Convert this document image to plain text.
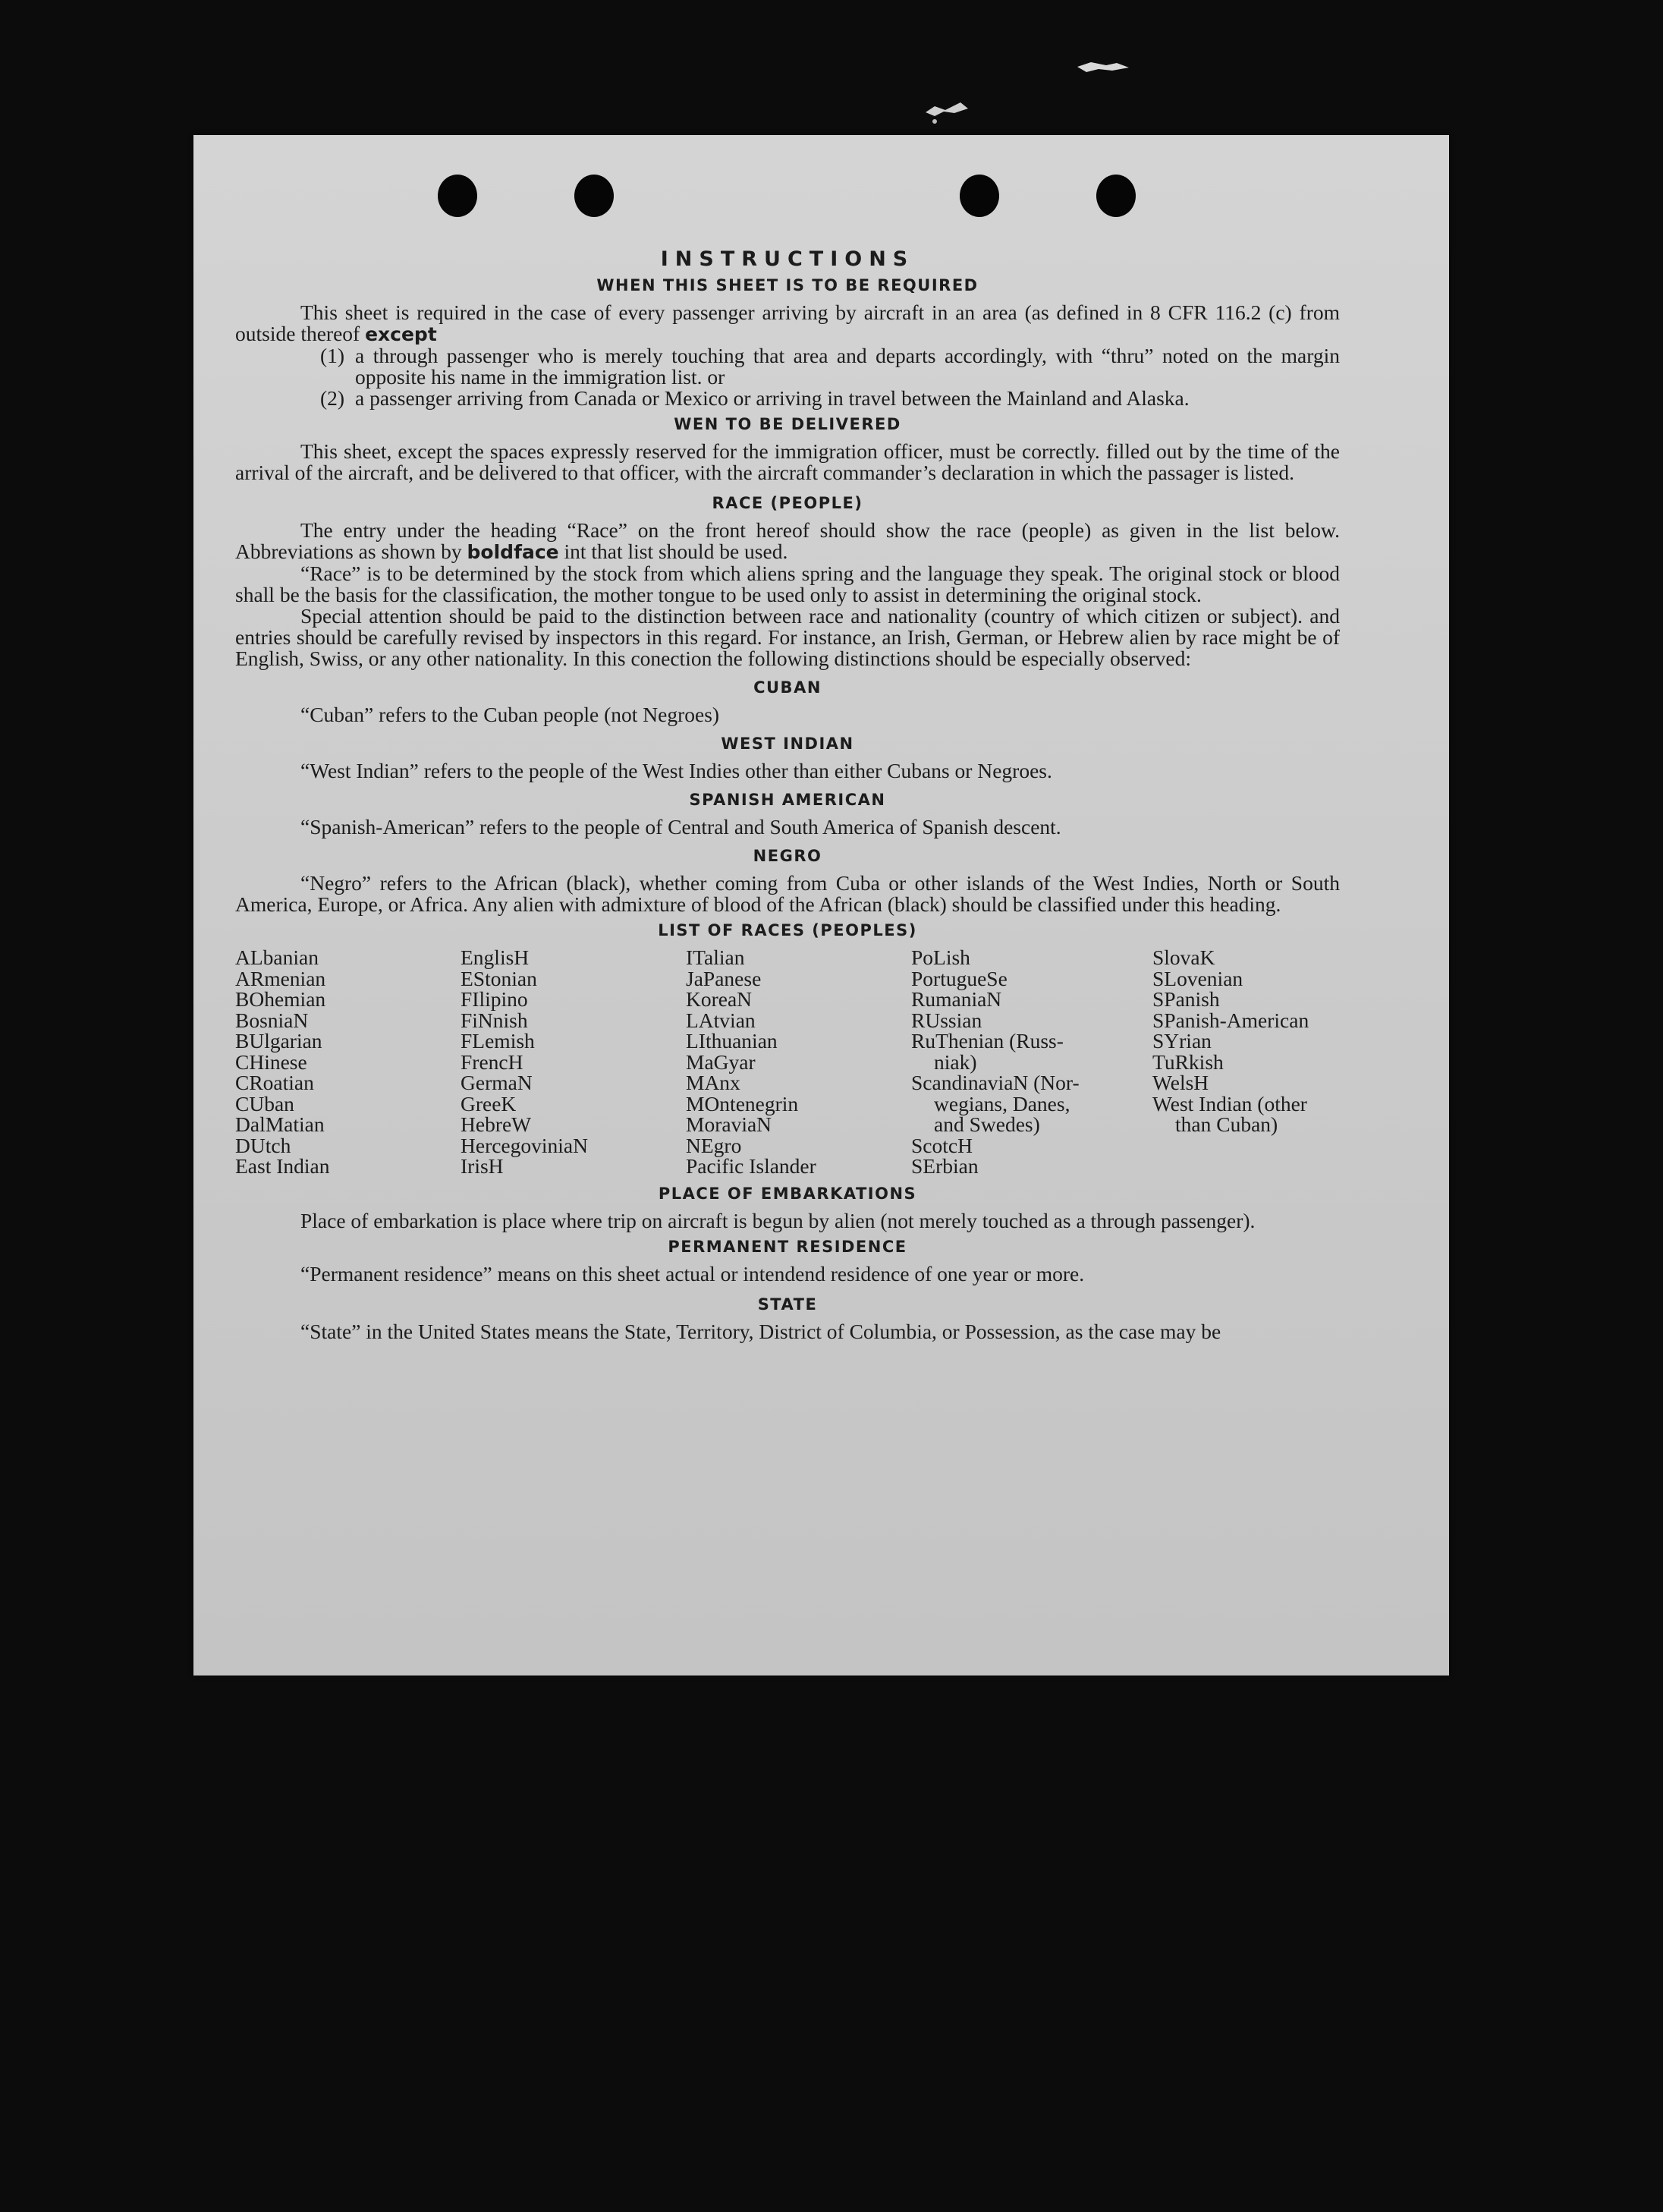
INSTRUCTIONS
WHEN THIS SHEET IS TO BE REQUIRED

This sheet is required in the case of every passenger arriving by aircraft in an area (as defined in 8 CFR 116.2 (c) from outside thereof except

(1) a through passenger who is merely touching that area and departs accordingly, with “thru” noted on the margin opposite his name in the immigration list. or
(2) a passenger arriving from Canada or Mexico or arriving in travel between the Mainland and Alaska.
WEN TO BE DELIVERED

This sheet, except the spaces expressly reserved for the immigration officer, must be correctly. filled out by the time of the arrival of the aircraft, and be delivered to that officer, with the aircraft commander’s declaration in which the passager is listed.

RACE (PEOPLE)

The entry under the heading “Race” on the front hereof should show the race (people) as given in the list below. Abbreviations as shown by boldface int that list should be used.

“Race” is to be determined by the stock from which aliens spring and the language they speak. The original stock or blood shall be the basis for the classification, the mother tongue to be used only to assist in determining the original stock.

Special attention should be paid to the distinction between race and nationality (country of which citizen or subject). and entries should be carefully revised by inspectors in this regard. For instance, an Irish, German, or Hebrew alien by race might be of English, Swiss, or any other nationality. In this conection the following distinctions should be especially observed:

CUBAN

“Cuban” refers to the Cuban people (not Negroes)

WEST INDIAN

“West Indian” refers to the people of the West Indies other than either Cubans or Negroes.

SPANISH AMERICAN

“Spanish-American” refers to the people of Central and South America of Spanish descent.

NEGRO

“Negro” refers to the African (black), whether coming from Cuba or other islands of the West Indies, North or South America, Europe, or Africa. Any alien with admixture of blood of the African (black) should be classified under this heading.

LIST OF RACES (PEOPLES)
ALbanian
ARmenian
BOhemian
BosniaN
BUlgarian
CHinese
CRoatian
CUban
DalMatian
DUtch
East Indian
EnglisH
EStonian
FIlipino
FiNnish
FLemish
FrencH
GermaN
GreeK
HebreW
HercegoviniaN
IrisH
ITalian
JaPanese
KoreaN
LAtvian
LIthuanian
MaGyar
MAnx
MOntenegrin
MoraviaN
NEgro
Pacific Islander
PoLish
PortugueSe
RumaniaN
RUssian
RuThenian (Russ-
niak)
ScandinaviaN (Nor-
wegians, Danes,
and Swedes)
ScotcH
SErbian
SlovaK
SLovenian
SPanish
SPanish-American
SYrian
TuRkish
WelsH
West Indian (other
than Cuban)
PLACE OF EMBARKATIONS

Place of embarkation is place where trip on aircraft is begun by alien (not merely touched as a through passenger).

PERMANENT RESIDENCE

“Permanent residence” means on this sheet actual or intendend residence of one year or more.

STATE

“State” in the United States means the State, Territory, District of Columbia, or Possession, as the case may be
